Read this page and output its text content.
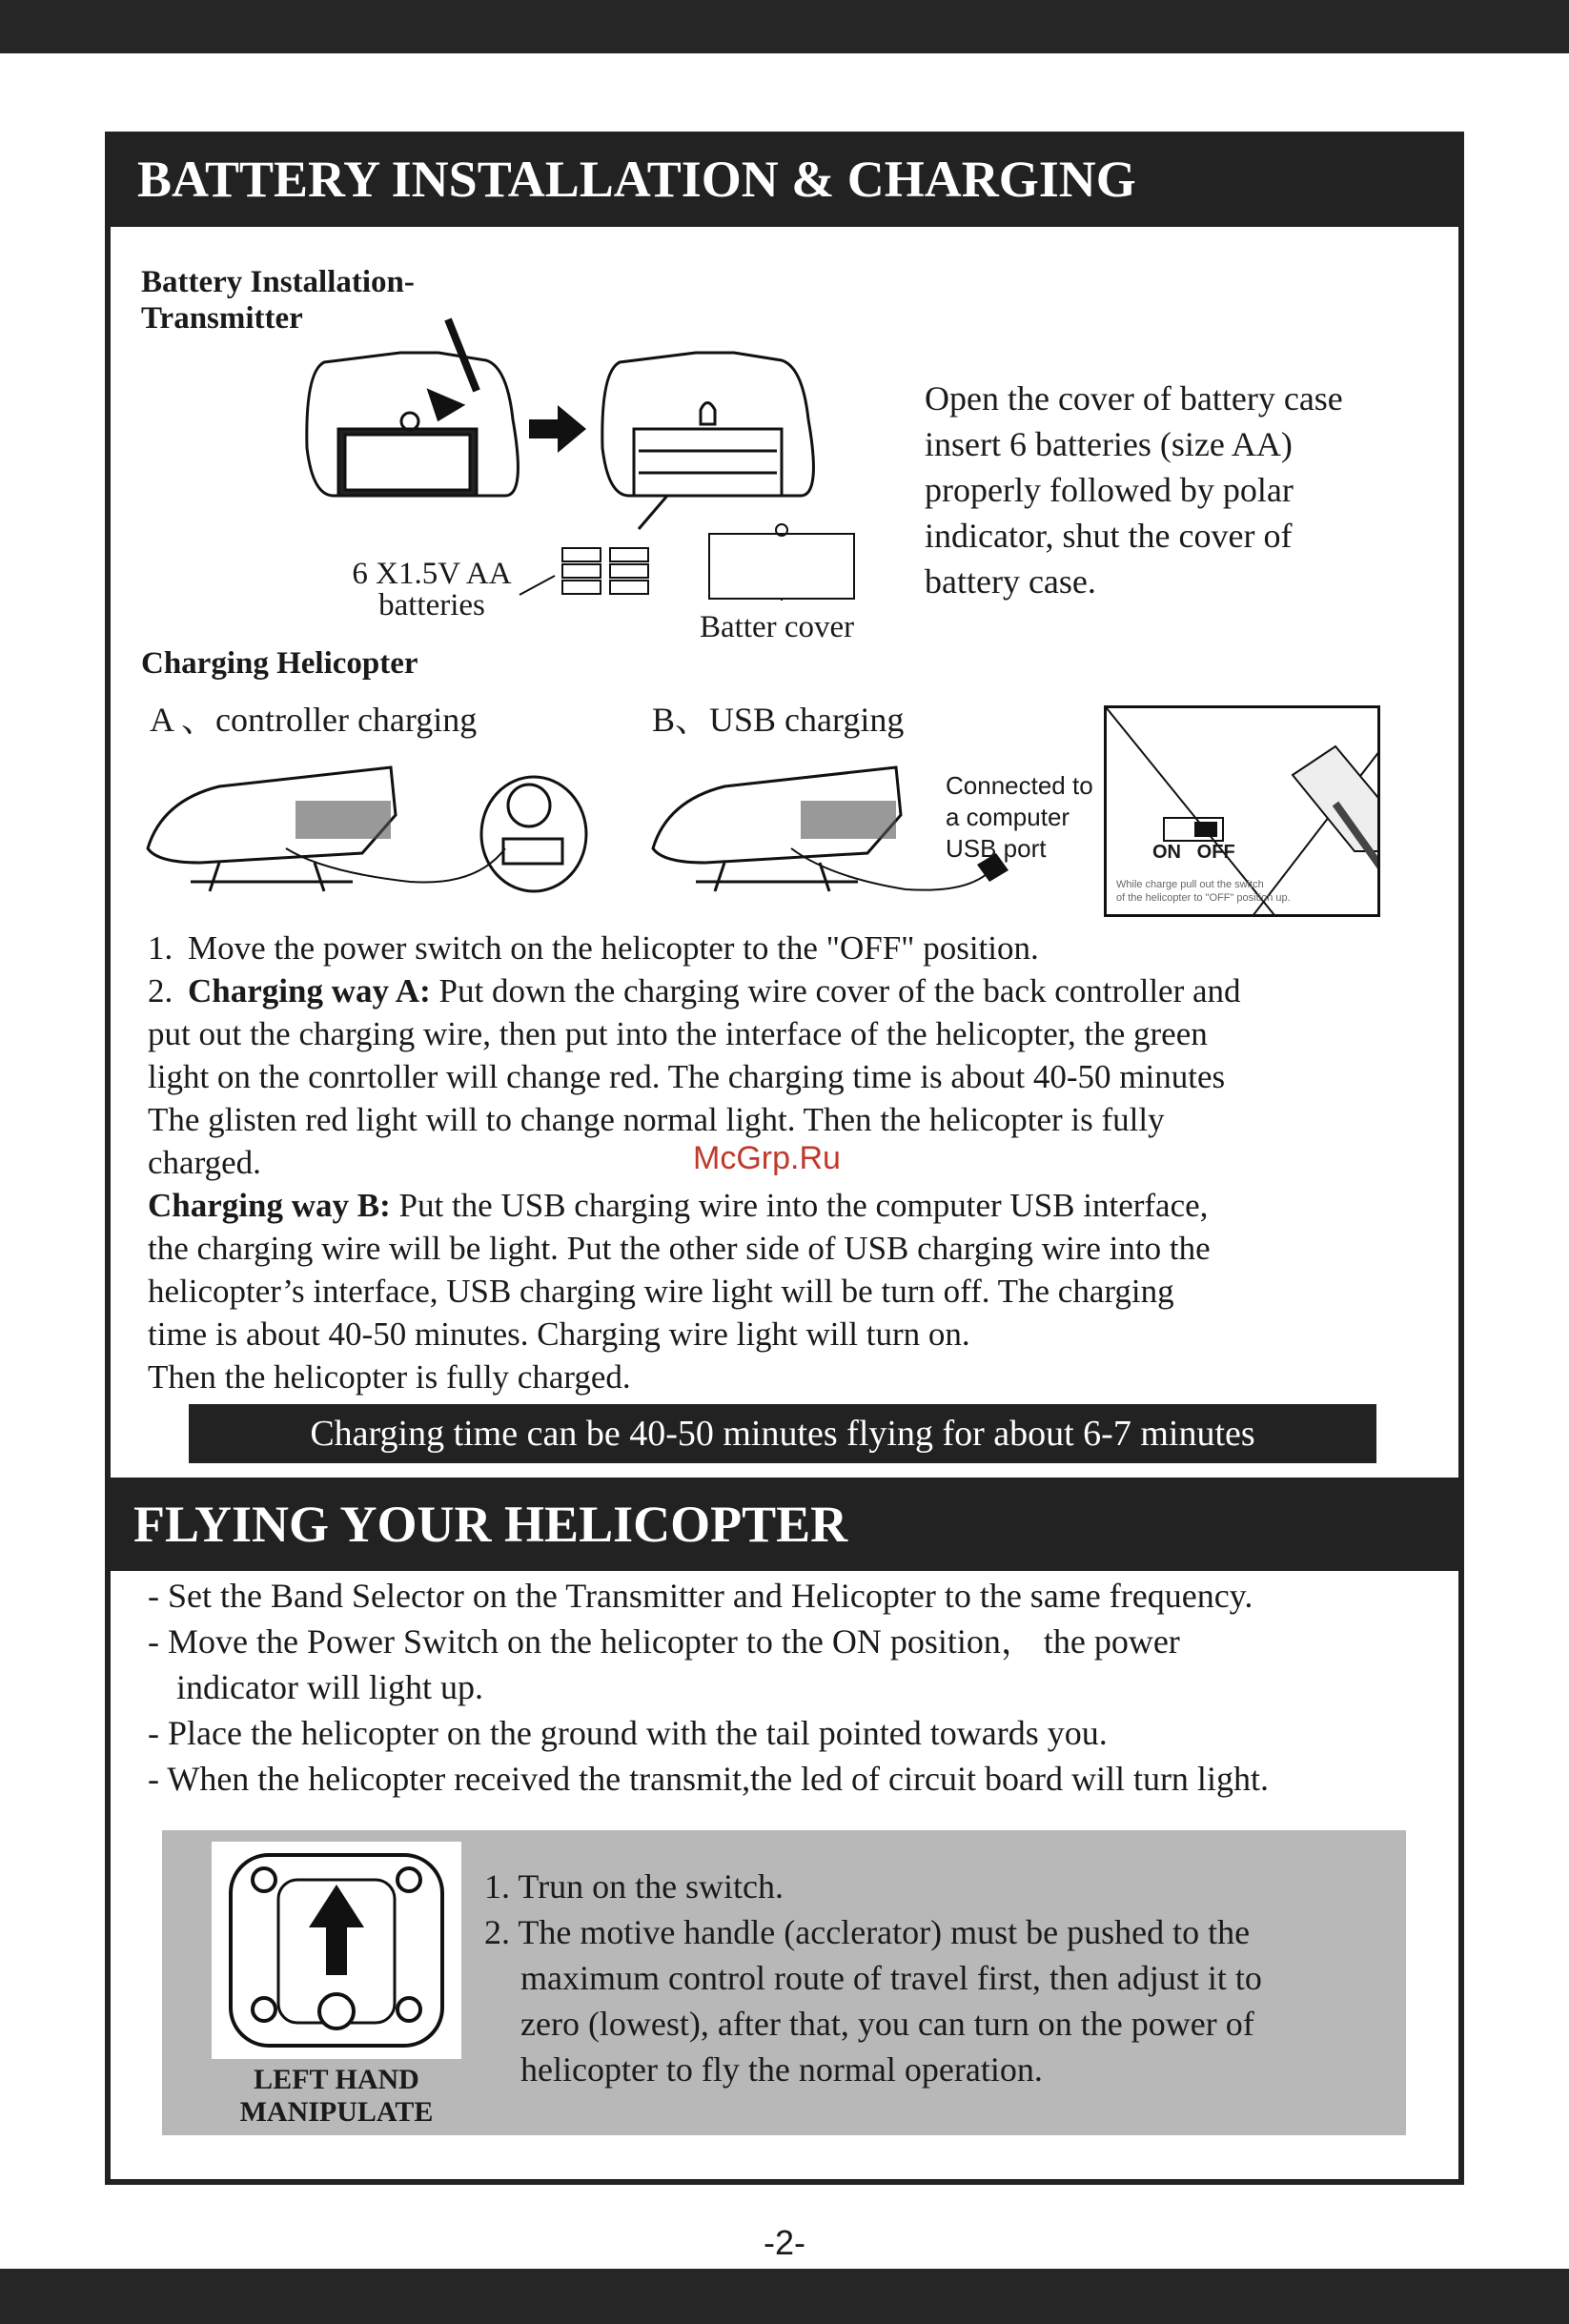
BATTERY INSTALLATION & CHARGING
Battery Installation-
Transmitter
6 X1.5V AA
batteries
Batter cover
Open the cover of battery case
insert 6 batteries (size AA)
properly followed by polar
indicator, shut the cover of
battery case.
Charging Helicopter
A 、controller charging	B、USB charging
Connected to
a computer
USB port	ON OFF
While charge pull out the switch
of the helicopter to "OFF" position up.
1. Move the power switch on the helicopter to the "OFF" position.
2. Charging way A: Put down the charging wire cover of the back controller and
put out the charging wire, then put into the interface of the helicopter, the green
light on the conrtoller will change red. The charging time is about 40-50 minutes
The glisten red light will to change normal light. Then the helicopter is fully
charged.
Charging way B: Put the USB charging wire into the computer USB interface,
the charging wire will be light. Put the other side of USB charging wire into the
helicopter’s interface, USB charging wire light will be turn off. The charging
time is about 40-50 minutes. Charging wire light will turn on.
Then the helicopter is fully charged.
McGrp.Ru
Charging time can be 40-50 minutes flying for about 6-7 minutes
FLYING YOUR HELICOPTER
- Set the Band Selector on the Transmitter and Helicopter to the same frequency.
- Move the Power Switch on the helicopter to the ON position， the power
indicator will light up.
- Place the helicopter on the ground with the tail pointed towards you.
- When the helicopter received the transmit,the led of circuit board will turn light.
LEFT HAND
MANIPULATE
1. Trun on the switch.
2. The motive handle (acclerator) must be pushed to the
maximum control route of travel first, then adjust it to
zero (lowest), after that, you can turn on the power of
helicopter to fly the normal operation.
-2-
